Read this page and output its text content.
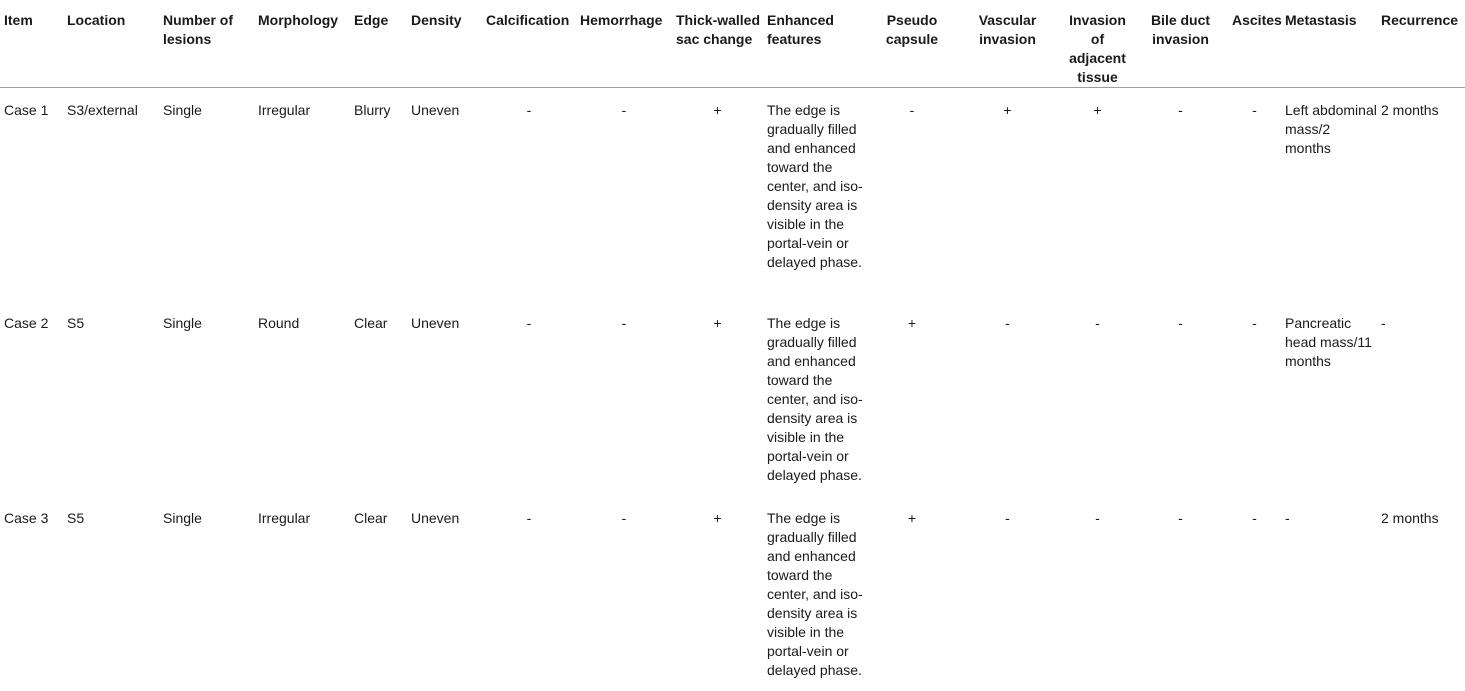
Item	Location	Number of lesions	Morphology	Edge	Density	Calcification	Hemorrhage	Thick-walled sac change	Enhanced features	Pseudo capsule	Vascular invasion	Invasion of adjacent tissue	Bile duct invasion	Ascites	Metastasis	Recurrence
Case 1	S3/external	Single	Irregular	Blurry	Uneven	-	-	+	The edge is gradually filled and enhanced toward the center, and iso-density area is visible in the portal-vein or delayed phase.	-	+	+	-	-	Left abdominal mass/2 months	2 months
Case 2	S5	Single	Round	Clear	Uneven	-	-	+	The edge is gradually filled and enhanced toward the center, and iso-density area is visible in the portal-vein or delayed phase.	+	-	-	-	-	Pancreatic head mass/11 months	-
Case 3	S5	Single	Irregular	Clear	Uneven	-	-	+	The edge is gradually filled and enhanced toward the center, and iso-density area is visible in the portal-vein or delayed phase.	+	-	-	-	-	-	2 months
